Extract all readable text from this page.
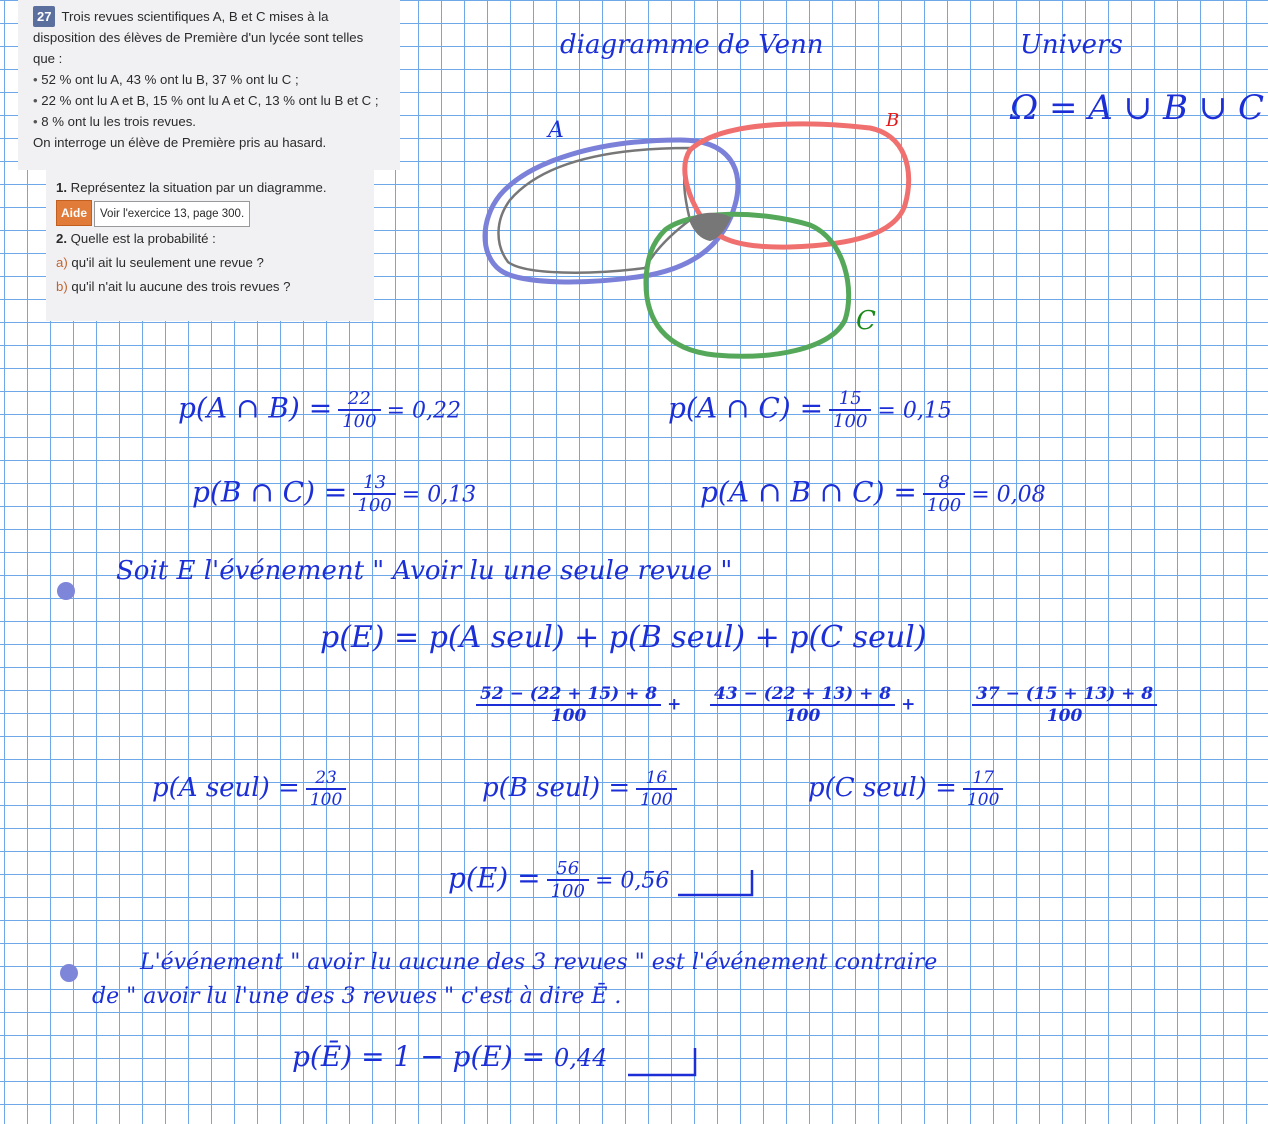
27 Trois revues scientifiques A, B et C mises à la
disposition des élèves de Première d'un lycée sont telles
que :
• 52 % ont lu A, 43 % ont lu B, 37 % ont lu C ;
• 22 % ont lu A et B, 15 % ont lu A et C, 13 % ont lu B et C ;
• 8 % ont lu les trois revues.
On interroge un élève de Première pris au hasard.
1. Représentez la situation par un diagramme.
Aide Voir l'exercice 13, page 300.
2. Quelle est la probabilité :
a) qu'il ait lu seulement une revue ?
b) qu'il n'ait lu aucune des trois revues ?
diagramme de Venn	Univers
Ω = A ∪ B ∪ C
A	B
C
p(A ∩ $B) = \frac{22}{100} = 0,22$	p(A ∩ $C) = \frac{15}{100} = 0,15$
p(B ∩ $C) = \frac{13}{100} = 0,13$	p(A ∩ B ∩ $C) = \frac{8}{100} = 0,08$
Soit E l'événement " Avoir lu une seule revue "
p(E) = p(A seul) + p(B seul) + p(C seul)
$\frac{52 - (22 + 15) + 8}{100} + \frac{43 - (22 + 13) + 8}{100}$ +	$\frac{37 - (15 + 13) + 8}{100}$
p(A seul) = $\frac{23}{100}$	p(B seul) = $\frac{16}{100}$	p(C seul) = $\frac{17}{100}$
$p(E) = \frac{56}{100} = 0,56$
L'événement " avoir lu aucune des 3 revues " est l'événement contraire
de " avoir lu l'une des 3 revues " c'est à dire Ē .
p(Ē) = 1 − p(E) = 0,44
